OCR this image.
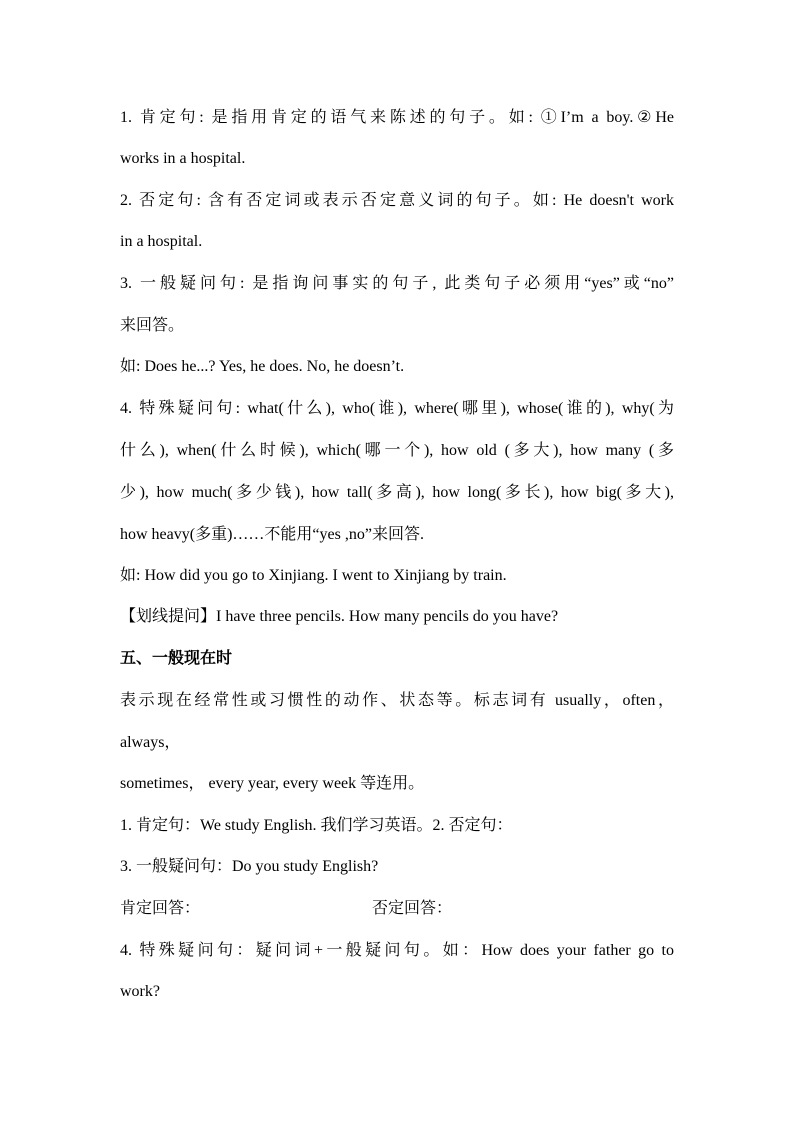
1. 肯定句: 是指用肯定的语气来陈述的句子。如: ①I’m a boy.②He
works in a hospital.
2. 否定句: 含有否定词或表示否定意义词的句子。如: He doesn't work
in a hospital.
3. 一般疑问句: 是指询问事实的句子, 此类句子必须用“yes”或“no”
来回答。
如: Does he...? Yes, he does. No, he doesn’t.
4. 特殊疑问句: what(什么), who(谁), where(哪里), whose(谁的), why(为
什么), when(什么时候), which(哪一个), how old (多大), how many (多
少), how much(多少钱), how tall(多高), how long(多长), how big(多大),
how heavy(多重)……不能用“yes ,no”来回答.
如: How did you go to Xinjiang. I went to Xinjiang by train.
【划线提问】I have three pencils. How many pencils do you have?
五、一般现在时
表示现在经常性或习惯性的动作、状态等。标志词有 usually，often，
always，
sometimes， every year, every week 等连用。
1. 肯定句：We study English. 我们学习英语。2. 否定句：
3. 一般疑问句：Do you study English?
肯定回答：	否定回答：
4. 特殊疑问句：疑问词+一般疑问句。如：How does your father go to
work?
